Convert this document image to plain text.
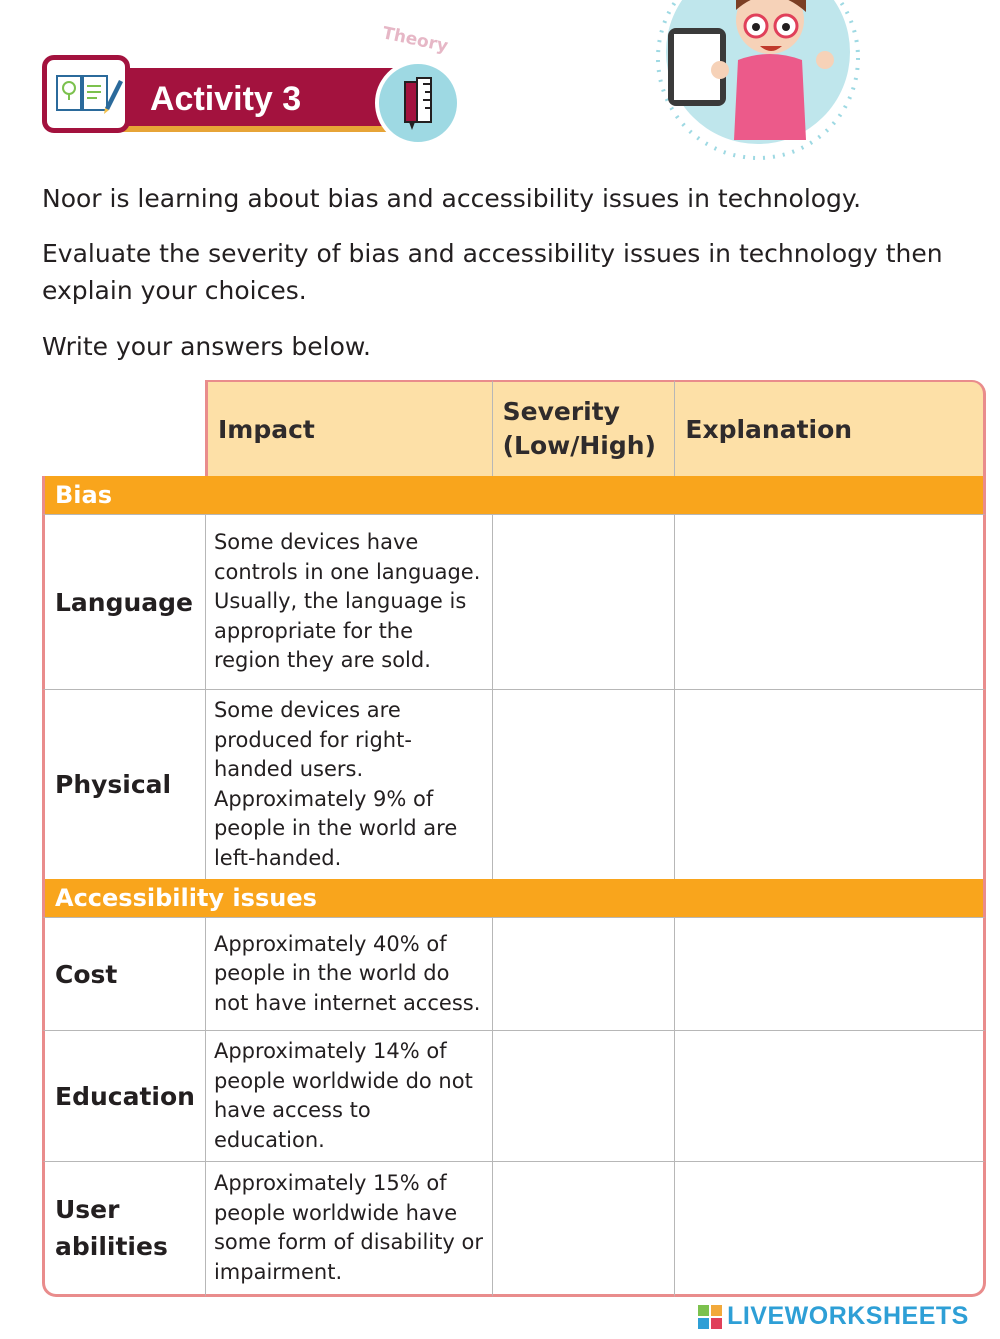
Activity 3
Theory
Noor is learning about bias and accessibility issues in technology.
Evaluate the severity of bias and accessibility issues in technology then explain your choices.
Write your answers below.
	Impact	Severity (Low/High)	Explanation
Bias			
Language	Some devices have controls in one language. Usually, the language is appropriate for the region they are sold.		
Physical	Some devices are produced for right-handed users. Approximately 9% of people in the world are left-handed.		
Accessibility issues			
Cost	Approximately 40% of people in the world do not have internet access.		
Education	Approximately 14% of people worldwide do not have access to education.		
User abilities	Approximately 15% of people worldwide have some form of disability or impairment.		
LIVEWORKSHEETS
